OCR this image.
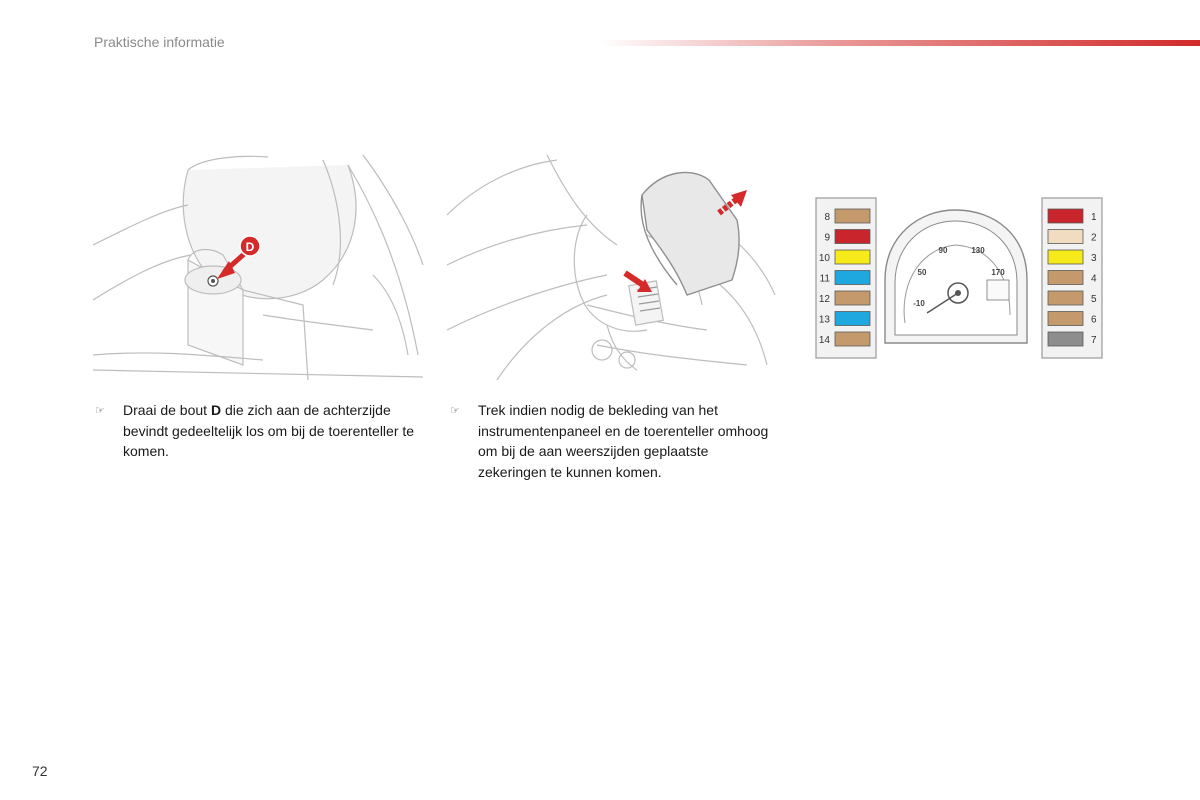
Praktische informatie
D	90	130
50	170
-10
8
9
10
11
12
13
14
1
2
3
4
5
6
7
☞ Draai de bout D die zich aan de achterzijde bevindt gedeeltelijk los om bij de toerenteller te komen.
☞ Trek indien nodig de bekleding van het instrumentenpaneel en de toerenteller omhoog om bij de aan weerszijden geplaatste zekeringen te kunnen komen.
72
